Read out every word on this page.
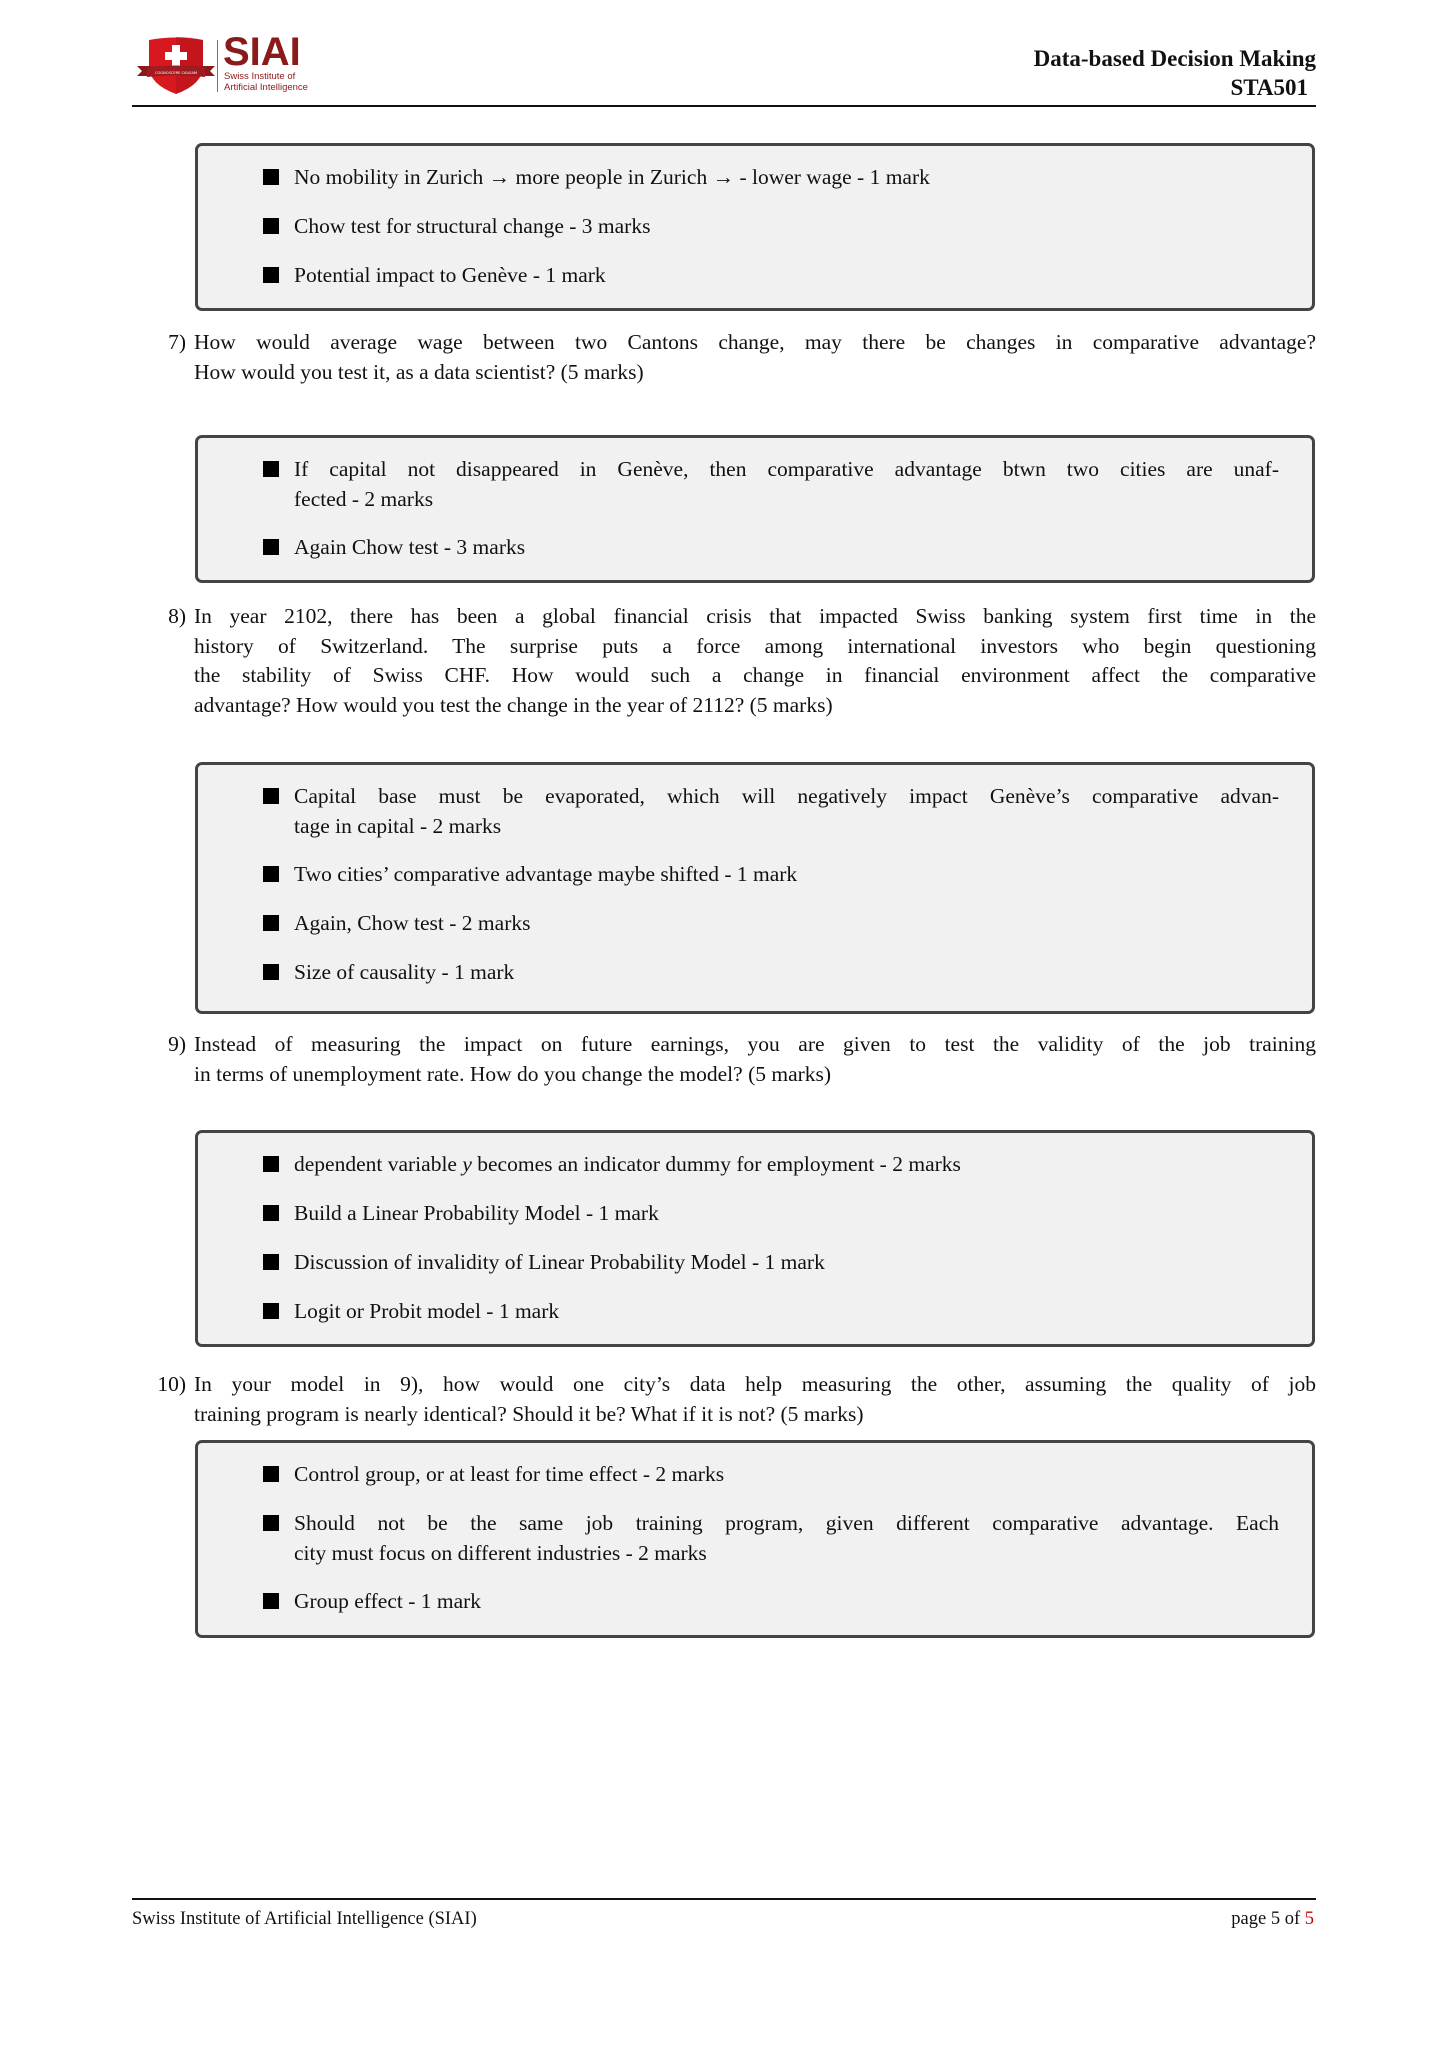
COGNOSCERE CAUSAM SIAI
Swiss Institute of
Artificial Intelligence
Data-based Decision Making
STA501
No mobility in Zurich → more people in Zurich → - lower wage - 1 mark
Chow test for structural change - 3 marks
Potential impact to Genève - 1 mark
7) How would average wage between two Cantons change, may there be changes in comparative advantage?
How would you test it, as a data scientist? (5 marks)
If capital not disappeared in Genève, then comparative advantage btwn two cities are unaf-
fected - 2 marks
Again Chow test - 3 marks
8) In year 2102, there has been a global financial crisis that impacted Swiss banking system first time in the
history of Switzerland. The surprise puts a force among international investors who begin questioning
the stability of Swiss CHF. How would such a change in financial environment affect the comparative
advantage? How would you test the change in the year of 2112? (5 marks)
Capital base must be evaporated, which will negatively impact Genève’s comparative advan-
tage in capital - 2 marks
Two cities’ comparative advantage maybe shifted - 1 mark
Again, Chow test - 2 marks
Size of causality - 1 mark
9) Instead of measuring the impact on future earnings, you are given to test the validity of the job training
in terms of unemployment rate. How do you change the model? (5 marks)
dependent variable y becomes an indicator dummy for employment - 2 marks
Build a Linear Probability Model - 1 mark
Discussion of invalidity of Linear Probability Model - 1 mark
Logit or Probit model - 1 mark
10) In your model in 9), how would one city’s data help measuring the other, assuming the quality of job
training program is nearly identical? Should it be? What if it is not? (5 marks)
Control group, or at least for time effect - 2 marks
Should not be the same job training program, given different comparative advantage. Each
city must focus on different industries - 2 marks
Group effect - 1 mark
Swiss Institute of Artificial Intelligence (SIAI)	page 5 of 5
